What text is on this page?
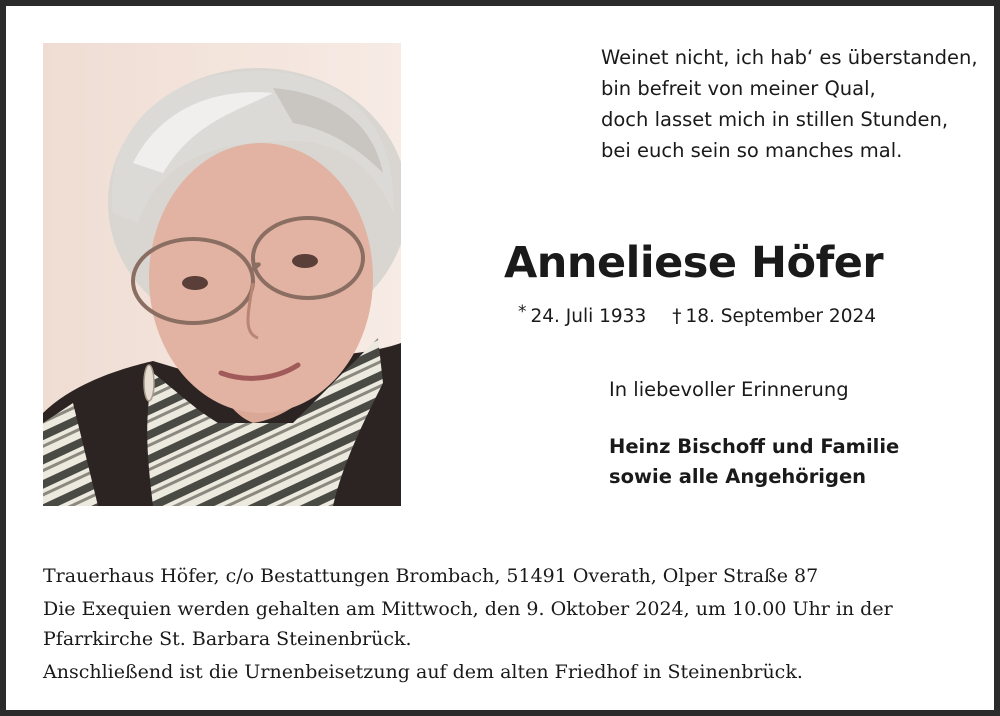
Weinet nicht, ich hab‘ es überstanden,
bin befreit von meiner Qual,
doch lasset mich in stillen Stunden,
bei euch sein so manches mal.
Anneliese Höfer
* 24. Juli 1933 † 18. September 2024
In liebevoller Erinnerung
Heinz Bischoff und Familie
sowie alle Angehörigen

Trauerhaus Höfer, c/o Bestattungen Brombach, 51491 Overath, Olper Straße 87

Die Exequien werden gehalten am Mittwoch, den 9. Oktober 2024, um 10.00 Uhr in der

Pfarrkirche St. Barbara Steinenbrück.

Anschließend ist die Urnenbeisetzung auf dem alten Friedhof in Steinenbrück.
